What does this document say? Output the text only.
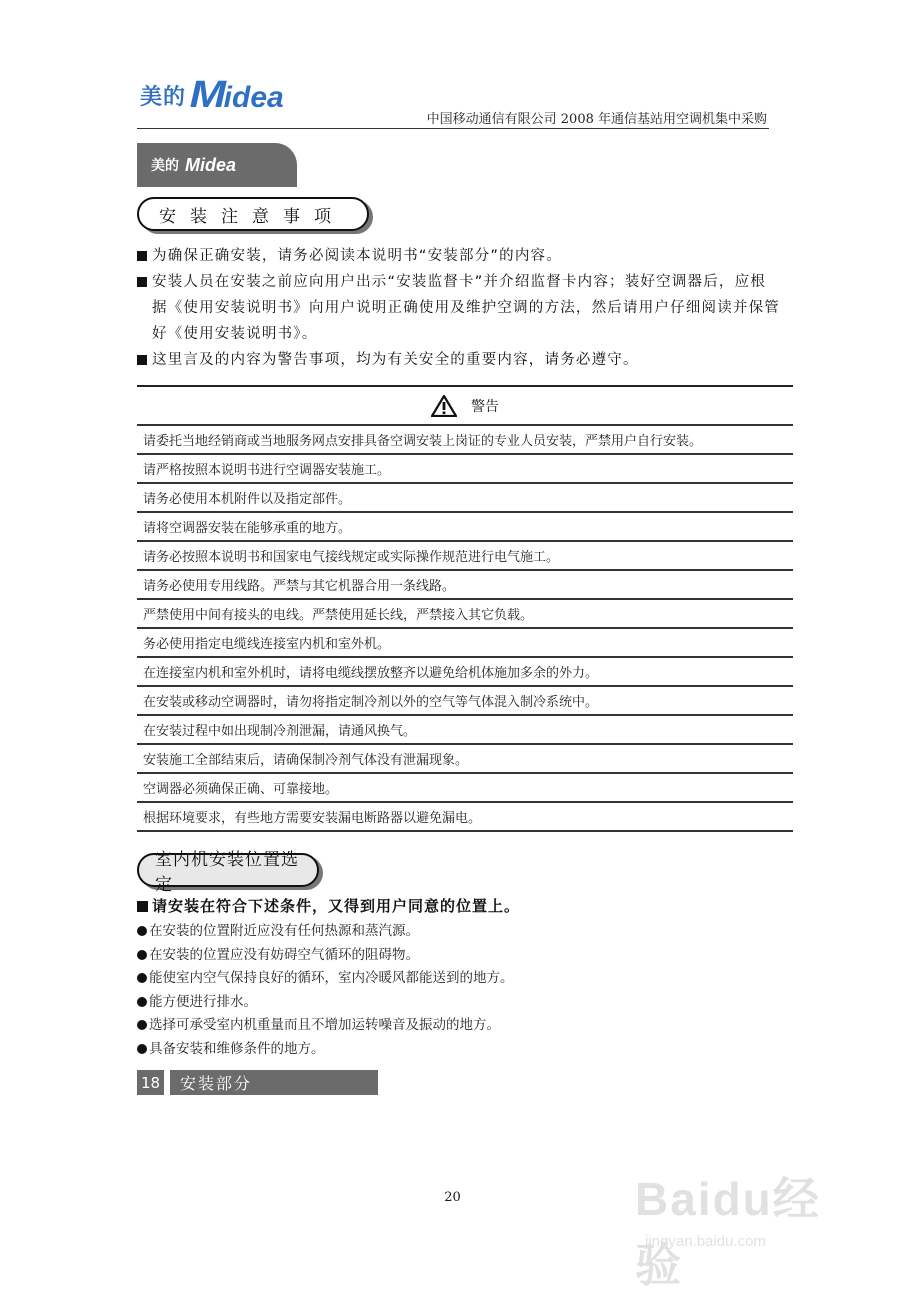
美的 Midea
中国移动通信有限公司 2008 年通信基站用空调机集中采购
美的 Midea
安装注意事项
为确保正确安装，请务必阅读本说明书“安装部分”的内容。
安装人员在安装之前应向用户出示“安装监督卡”并介绍监督卡内容；装好空调器后，应根
据《使用安装说明书》向用户说明正确使用及维护空调的方法，然后请用户仔细阅读并保管
好《使用安装说明书》。
这里言及的内容为警告事项，均为有关安全的重要内容，请务必遵守。
警告
请委托当地经销商或当地服务网点安排具备空调安装上岗证的专业人员安装，严禁用户自行安装。
请严格按照本说明书进行空调器安装施工。
请务必使用本机附件以及指定部件。
请将空调器安装在能够承重的地方。
请务必按照本说明书和国家电气接线规定或实际操作规范进行电气施工。
请务必使用专用线路。严禁与其它机器合用一条线路。
严禁使用中间有接头的电线。严禁使用延长线，严禁接入其它负载。
务必使用指定电缆线连接室内机和室外机。
在连接室内机和室外机时，请将电缆线摆放整齐以避免给机体施加多余的外力。
在安装或移动空调器时，请勿将指定制冷剂以外的空气等气体混入制冷系统中。
在安装过程中如出现制冷剂泄漏，请通风换气。
安装施工全部结束后，请确保制冷剂气体没有泄漏现象。
空调器必须确保正确、可靠接地。
根据环境要求，有些地方需要安装漏电断路器以避免漏电。
室内机安装位置选定
请安装在符合下述条件，又得到用户同意的位置上。
在安装的位置附近应没有任何热源和蒸汽源。
在安装的位置应没有妨碍空气循环的阻碍物。
能使室内空气保持良好的循环，室内冷暖风都能送到的地方。
能方便进行排水。
选择可承受室内机重量而且不增加运转噪音及振动的地方。
具备安装和维修条件的地方。
18	安装部分
20	Baidu经验
jingyan.baidu.com
